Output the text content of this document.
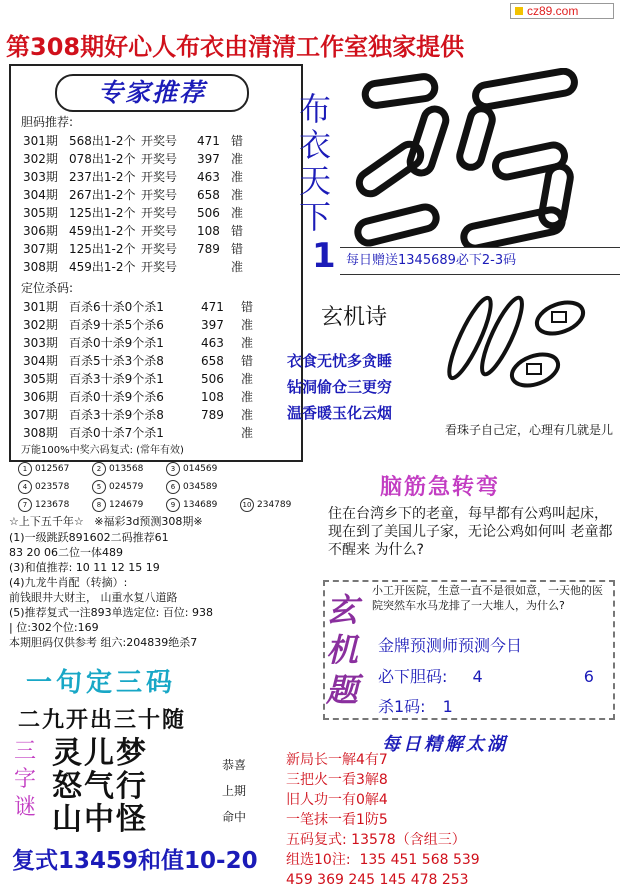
cz89.com
第308期好心人布衣由清清工作室独家提供
专家推荐
胆码推荐:
301期 568出1-2个 开奖号 471 错
302期 078出1-2个 开奖号 397 准
303期 237出1-2个 开奖号 463 准
304期 267出1-2个 开奖号 658 准
305期 125出1-2个 开奖号 506 准
306期 459出1-2个 开奖号 108 错
307期 125出1-2个 开奖号 789 错
308期 459出1-2个 开奖号	准
定位杀码:
301期 百杀6十杀0个杀1	471 错
302期 百杀9十杀5个杀6	397 准
303期 百杀0十杀9个杀1	463 准
304期 百杀5十杀3个杀8	658 错
305期 百杀3十杀9个杀1	506 准
306期 百杀0十杀9个杀6	108 准
307期 百杀3十杀9个杀8	789 准
308期 百杀0十杀7个杀1	准
万能100%中奖六码复式: (常年有效)
1 012567	2 013568	3 014569
4 023578	5 024579	6 034589
7 123678	8 124679	9 134689	10 234789
布
衣
天
下
1 每日赠送1345689必下2-3码
玄机诗
衣食无忧多贪睡
钻洞偷仓三更穷
温香暖玉化云烟
看珠子自己定，心理有几就是儿
脑筋急转弯
住在台湾乡下的老童，每早都有公鸡叫起床，现在到了美国儿子家，无论公鸡如何叫 老童都不醒来 为什么?
☆上下五千年☆ ※福彩3d预测308期※
(1)一级跳跃891602二码推荐61
83 20 06二位一体489
(3)和值推荐: 10 11 12 15 19
(4)九龙牛肖配（转摘）:
前钱眼井大财主， 山重水复八道路
(5)推荐复式一注893单选定位: 百位: 938
| 位:302个位:169
本期胆码仅供参考 组六:204839绝杀7
玄
机
题
小工开医院，生意一直不是很如意，一天他的医院突然车水马龙排了一大堆人，为什么?
金牌预测师预测今日
必下胆码: 4	6
杀1码: 1
一句定三码
二九开出三十随
三
字
谜
灵儿梦
怒气行
山中怪
恭喜
上期
命中
复式13459和值10-20
每日精解太湖
新局长一解4有7
三把火一看3解8
旧人功一有0解4
一笔抹一看1防5
五码复式: 13578（含组三）
组选10注: 135 451 568 539
459 369 245 145 478 253
